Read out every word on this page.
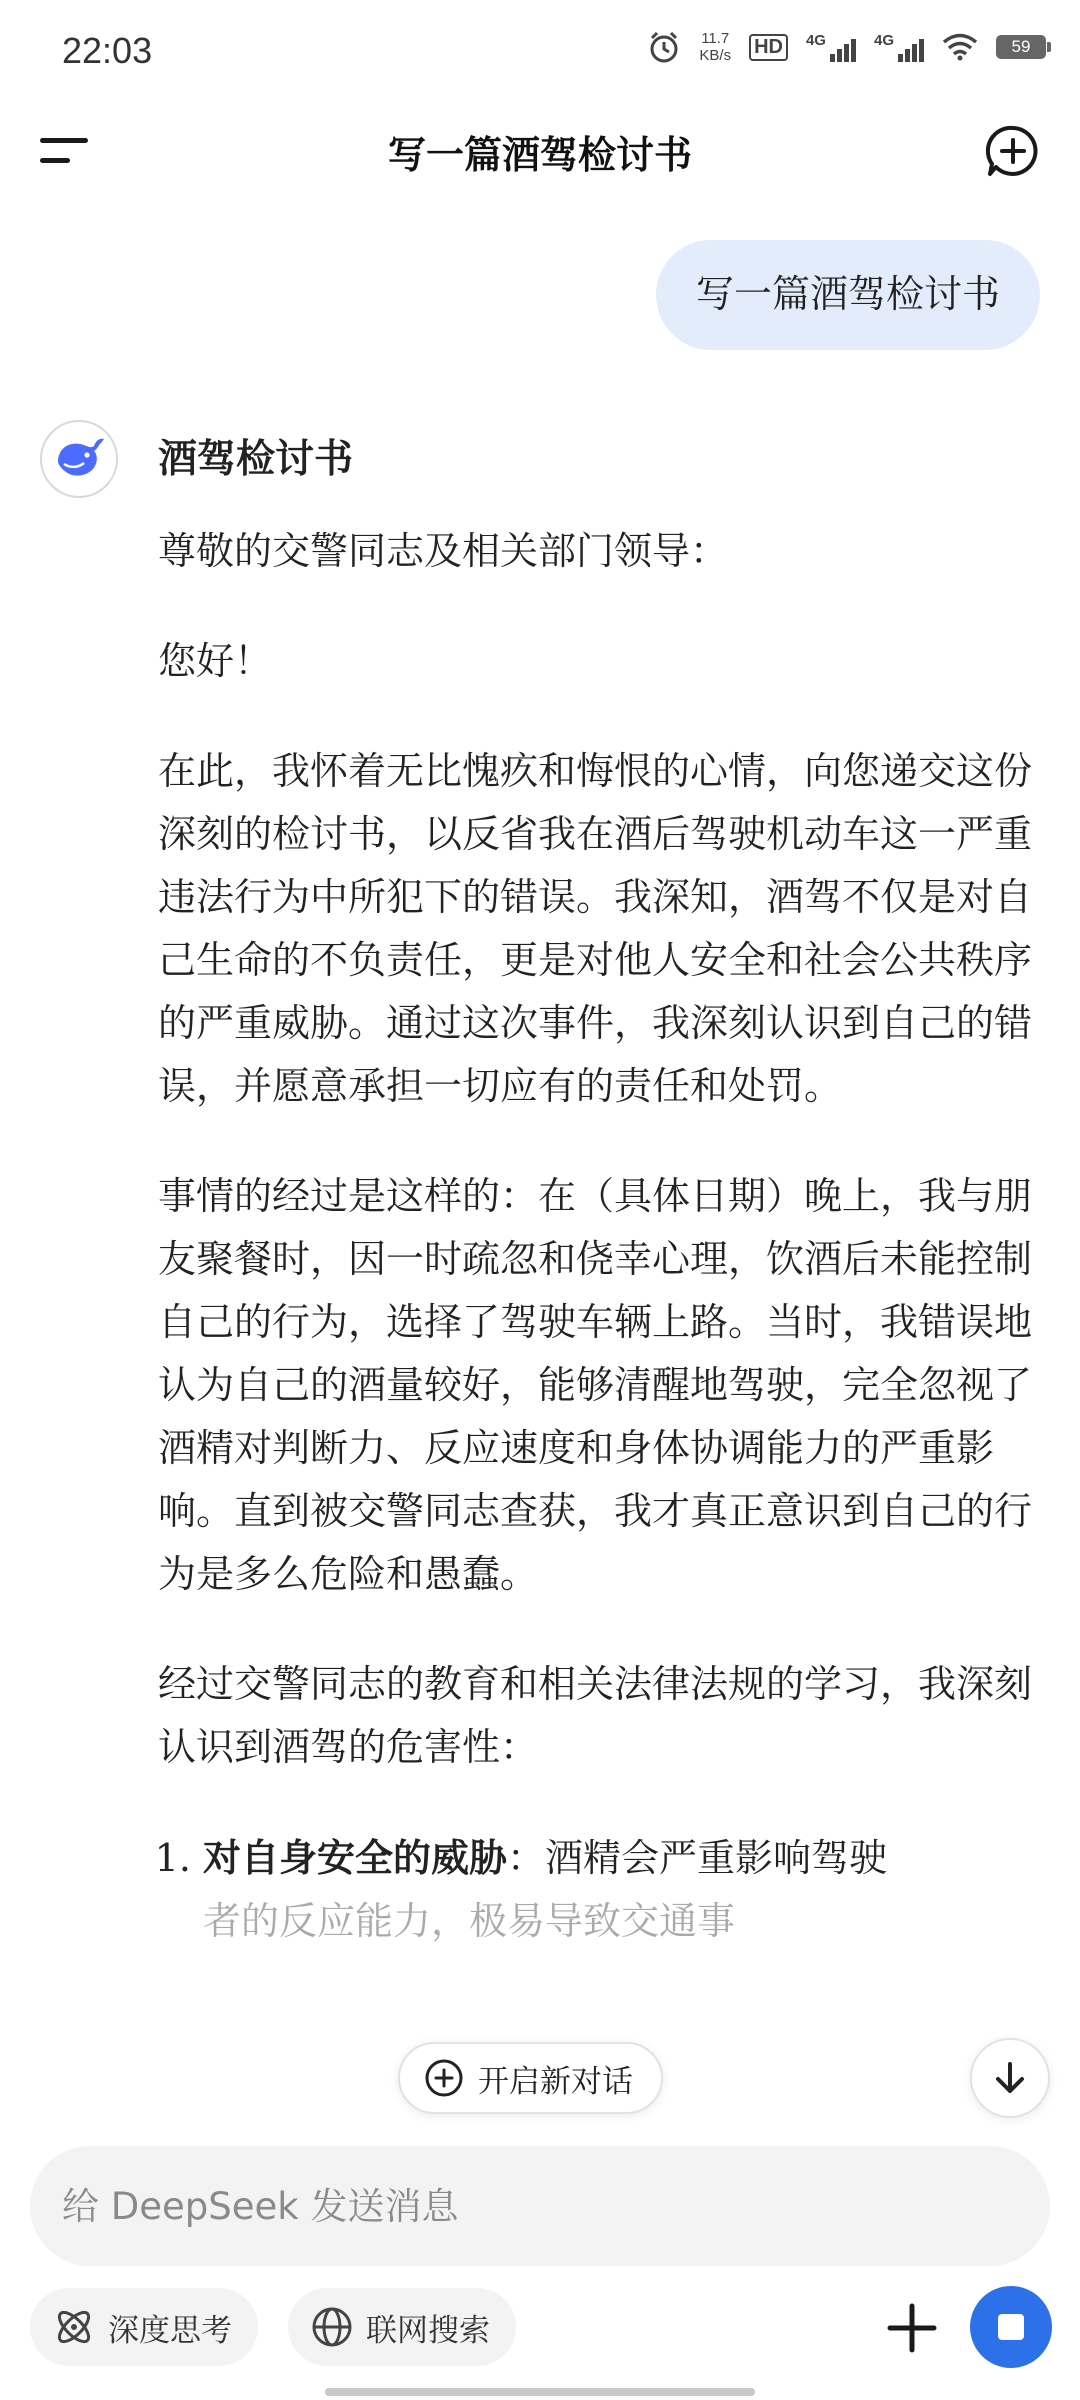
22:03	11.7
KB/s HD	4G	4G	59
写一篇酒驾检讨书
写一篇酒驾检讨书
酒驾检讨书

尊敬的交警同志及相关部门领导：

您好！

在此，我怀着无比愧疚和悔恨的心情，向您递交这份深刻的检讨书，以反省我在酒后驾驶机动车这一严重违法行为中所犯下的错误。我深知，酒驾不仅是对自己生命的不负责任，更是对他人安全和社会公共秩序的严重威胁。通过这次事件，我深刻认识到自己的错误，并愿意承担一切应有的责任和处罚。

事情的经过是这样的：在（具体日期）晚上，我与朋友聚餐时，因一时疏忽和侥幸心理，饮酒后未能控制自己的行为，选择了驾驶车辆上路。当时，我错误地认为自己的酒量较好，能够清醒地驾驶，完全忽视了酒精对判断力、反应速度和身体协调能力的严重影响。直到被交警同志查获，我才真正意识到自己的行为是多么危险和愚蠢。

经过交警同志的教育和相关法律法规的学习，我深刻认识到酒驾的危害性：

1. 对自身安全的威胁：酒精会严重影响驾驶
者的反应能力，极易导致交通事
开启新对话
给 DeepSeek 发送消息
深度思考	联网搜索
